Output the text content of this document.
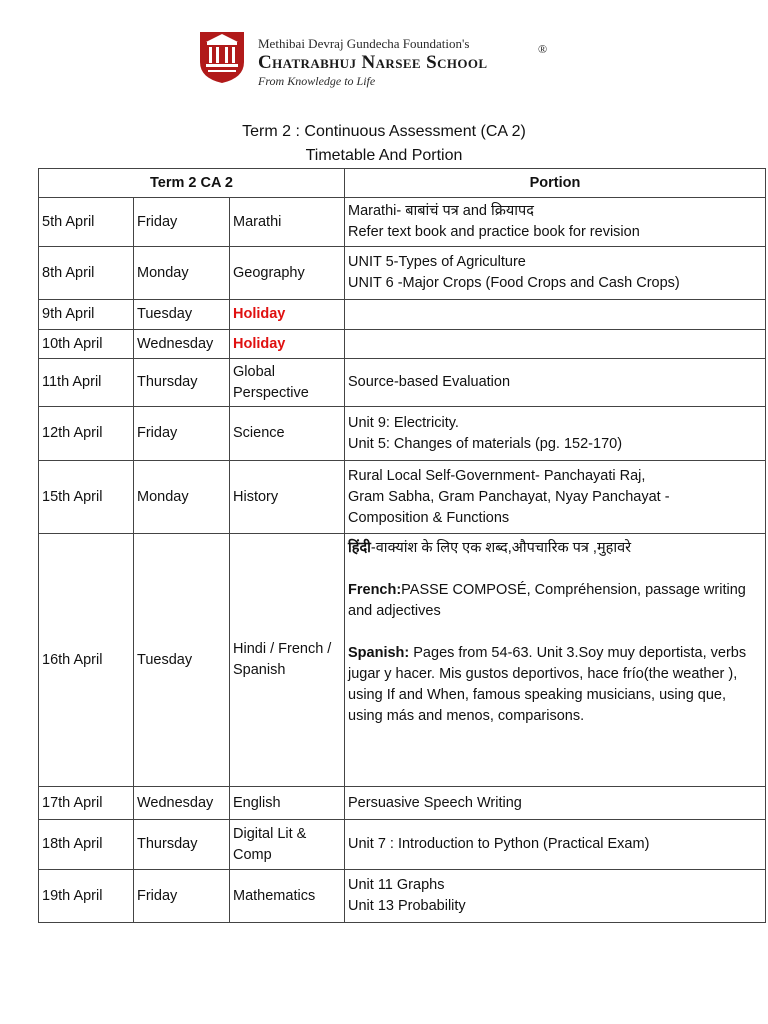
Methibai Devraj Gundecha Foundation's
Chatrabhuj Narsee School
®
From Knowledge to Life
Term 2 : Continuous Assessment (CA 2)
Timetable And Portion
Term 2 CA 2			Portion
5th April	Friday	Marathi	Marathi- बाबांचं पत्र and क्रियापद
Refer text book and practice book for revision

8th April	Monday	Geography	UNIT 5-Types of Agriculture
UNIT 6 -Major Crops (Food Crops and Cash Crops)

9th April	Tuesday	Holiday	
10th April	Wednesday	Holiday	
11th April	Thursday	Global Perspective	Source-based Evaluation

12th April	Friday	Science	Unit 9: Electricity.
Unit 5: Changes of materials (pg. 152-170)

15th April	Monday	History	Rural Local Self-Government- Panchayati Raj,
Gram Sabha, Gram Panchayat, Nyay Panchayat -
Composition & Functions

16th April	Tuesday	Hindi / French / Spanish	हिंदी-वाक्यांश के लिए एक शब्द,औपचारिक पत्र ,मुहावरे
French:PASSE COMPOSÉ, Compréhension, passage writing and adjectives
Spanish: Pages from 54-63. Unit 3.Soy muy deportista, verbs jugar y hacer. Mis gustos deportivos, hace frío(the weather ), using If and When, famous speaking musicians, using que, using más and menos, comparisons.

17th April	Wednesday	English	Persuasive Speech Writing

18th April	Thursday	Digital Lit & Comp	Unit 7 : Introduction to Python (Practical Exam)

19th April	Friday	Mathematics	Unit 11 Graphs
Unit 13 Probability
